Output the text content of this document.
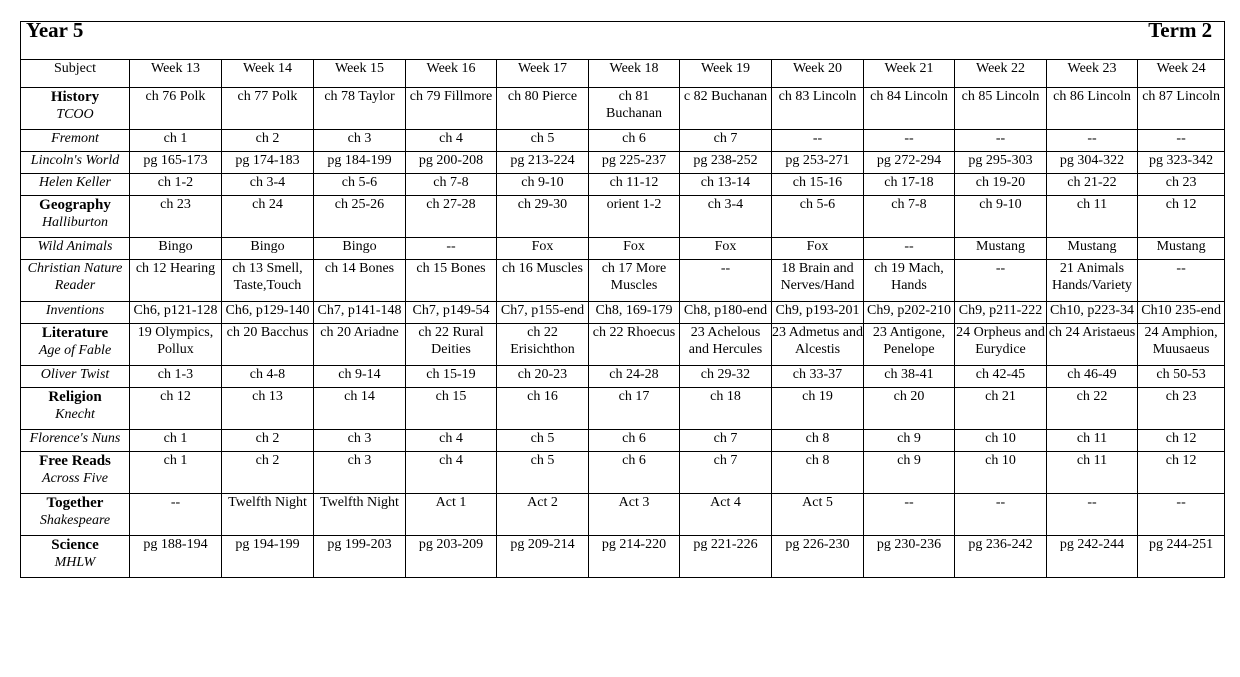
Year 5 Term 2												

Subject	Week 13	Week 14	Week 15	Week 16	Week 17	Week 18	Week 19	Week 20	Week 21	Week 22	Week 23	Week 24

History
TCOO	ch 76 Polk	ch 77 Polk	ch 78 Taylor	ch 79 Fillmore	ch 80 Pierce	ch 81 Buchanan	c 82 Buchanan	ch 83 Lincoln	ch 84 Lincoln	ch 85 Lincoln	ch 86 Lincoln	ch 87 Lincoln

Fremont	ch 1	ch 2	ch 3	ch 4	ch 5	ch 6	ch 7	--	--	--	--	--

Lincoln's World	pg 165-173	pg 174-183	pg 184-199	pg 200-208	pg 213-224	pg 225-237	pg 238-252	pg 253-271	pg 272-294	pg 295-303	pg 304-322	pg 323-342

Helen Keller	ch 1-2	ch 3-4	ch 5-6	ch 7-8	ch 9-10	ch 11-12	ch 13-14	ch 15-16	ch 17-18	ch 19-20	ch 21-22	ch 23

Geography
Halliburton	ch 23	ch 24	ch 25-26	ch 27-28	ch 29-30	orient 1-2	ch 3-4	ch 5-6	ch 7-8	ch 9-10	ch 11	ch 12

Wild Animals	Bingo	Bingo	Bingo	--	Fox	Fox	Fox	Fox	--	Mustang	Mustang	Mustang

Christian Nature Reader	ch 12 Hearing	ch 13 Smell, Taste,Touch	ch 14 Bones	ch 15 Bones	ch 16 Muscles	ch 17 More Muscles	--	18 Brain and Nerves/Hand	ch 19 Mach, Hands	--	21 Animals Hands/Variety	--

Inventions	Ch6, p121-128	Ch6, p129-140	Ch7, p141-148	Ch7, p149-54	Ch7, p155-end	Ch8, 169-179	Ch8, p180-end	Ch9, p193-201	Ch9, p202-210	Ch9, p211-222	Ch10, p223-34	Ch10 235-end

Literature
Age of Fable	19 Olympics, Pollux	ch 20 Bacchus	ch 20 Ariadne	ch 22 Rural Deities	ch 22 Erisichthon	ch 22 Rhoecus	23 Achelous and Hercules	23 Admetus and Alcestis	23 Antigone, Penelope	24 Orpheus and Eurydice	ch 24 Aristaeus	24 Amphion, Muusaeus

Oliver Twist	ch 1-3	ch 4-8	ch 9-14	ch 15-19	ch 20-23	ch 24-28	ch 29-32	ch 33-37	ch 38-41	ch 42-45	ch 46-49	ch 50-53

Religion
Knecht	ch 12	ch 13	ch 14	ch 15	ch 16	ch 17	ch 18	ch 19	ch 20	ch 21	ch 22	ch 23

Florence's Nuns	ch 1	ch 2	ch 3	ch 4	ch 5	ch 6	ch 7	ch 8	ch 9	ch 10	ch 11	ch 12

Free Reads
Across Five	ch 1	ch 2	ch 3	ch 4	ch 5	ch 6	ch 7	ch 8	ch 9	ch 10	ch 11	ch 12

Together
Shakespeare	--	Twelfth Night	Twelfth Night	Act 1	Act 2	Act 3	Act 4	Act 5	--	--	--	--

Science
MHLW	pg 188-194	pg 194-199	pg 199-203	pg 203-209	pg 209-214	pg 214-220	pg 221-226	pg 226-230	pg 230-236	pg 236-242	pg 242-244	pg 244-251
